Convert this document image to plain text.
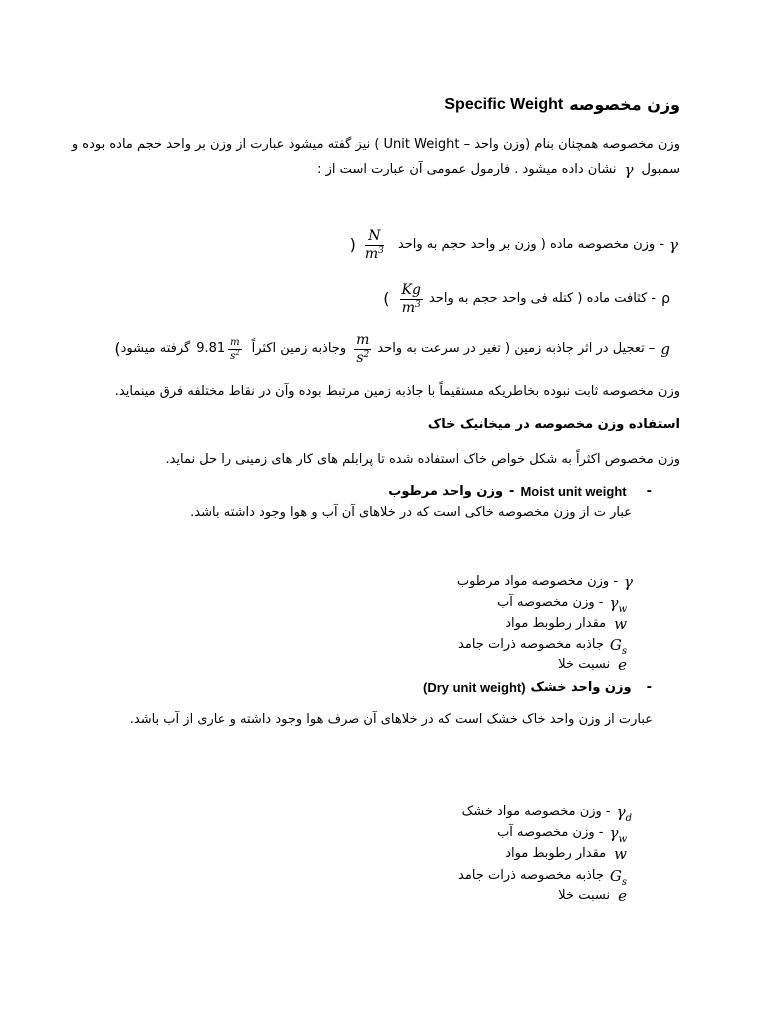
وزن مخصوصه
Specific Weight
وزن مخصوصه همچنان بنام (وزن واحد – Unit Weight ) نیز گفته میشود عبارت از وزن بر واحد حجم ماده بوده و
سمبول
γ
نشان داده میشود . فارمول عمومی آن عبارت است از :
γ
- وزن مخصوصه ماده ( وزن بر واحد حجم به واحد
$\frac{N}{m^3}$
)
ρ
- کثافت ماده ( کتله فی واحد حجم به واحد
$\frac{Kg}{m^3}$
(
g
– تعجیل در اثر جاذبه زمین ( تغیر در سرعت به واحد
$\frac{m}{s^2}$
وجاذبه زمین اکثراً
$\frac{m}{s^2}$
9.81
گرفته میشود
(
وزن مخصوصه ثابت نبوده بخاطریکه مستقیماً با جاذبه زمین مرتبط بوده وآن در نقاط مختلفه فرق مینماید.
استفاده وزن مخصوصه در میخانیک خاک
وزن مخصوص اکثراً به شکل خواص خاک استفاده شده تا پرابلم های کار های زمینی را حل نماید.
-
Moist unit weight
-
وزن واحد مرطوب
عبار ت از وزن مخصوصه خاکی است که در خلاهای آن آب و هوا وجود داشته باشد.
γ
- وزن مخصوصه مواد مرطوب
$\gamma_w$
- وزن مخصوصه آب
w
مقدار رطوبط مواد
$G_s$
جاذبه مخصوصه ذرات جامد
e
نسبت خلا
-
وزن واحد خشک
(Dry unit weight)
عبارت از وزن واحد خاک خشک است که در خلاهای آن صرف هوا وجود داشته و عاری از آب باشد.
$\gamma_d$
- وزن مخصوصه مواد خشک
$\gamma_w$
- وزن مخصوصه آب
w
مقدار رطوبط مواد
$G_s$
جاذبه مخصوصه ذرات جامد
e
نسبت خلا
